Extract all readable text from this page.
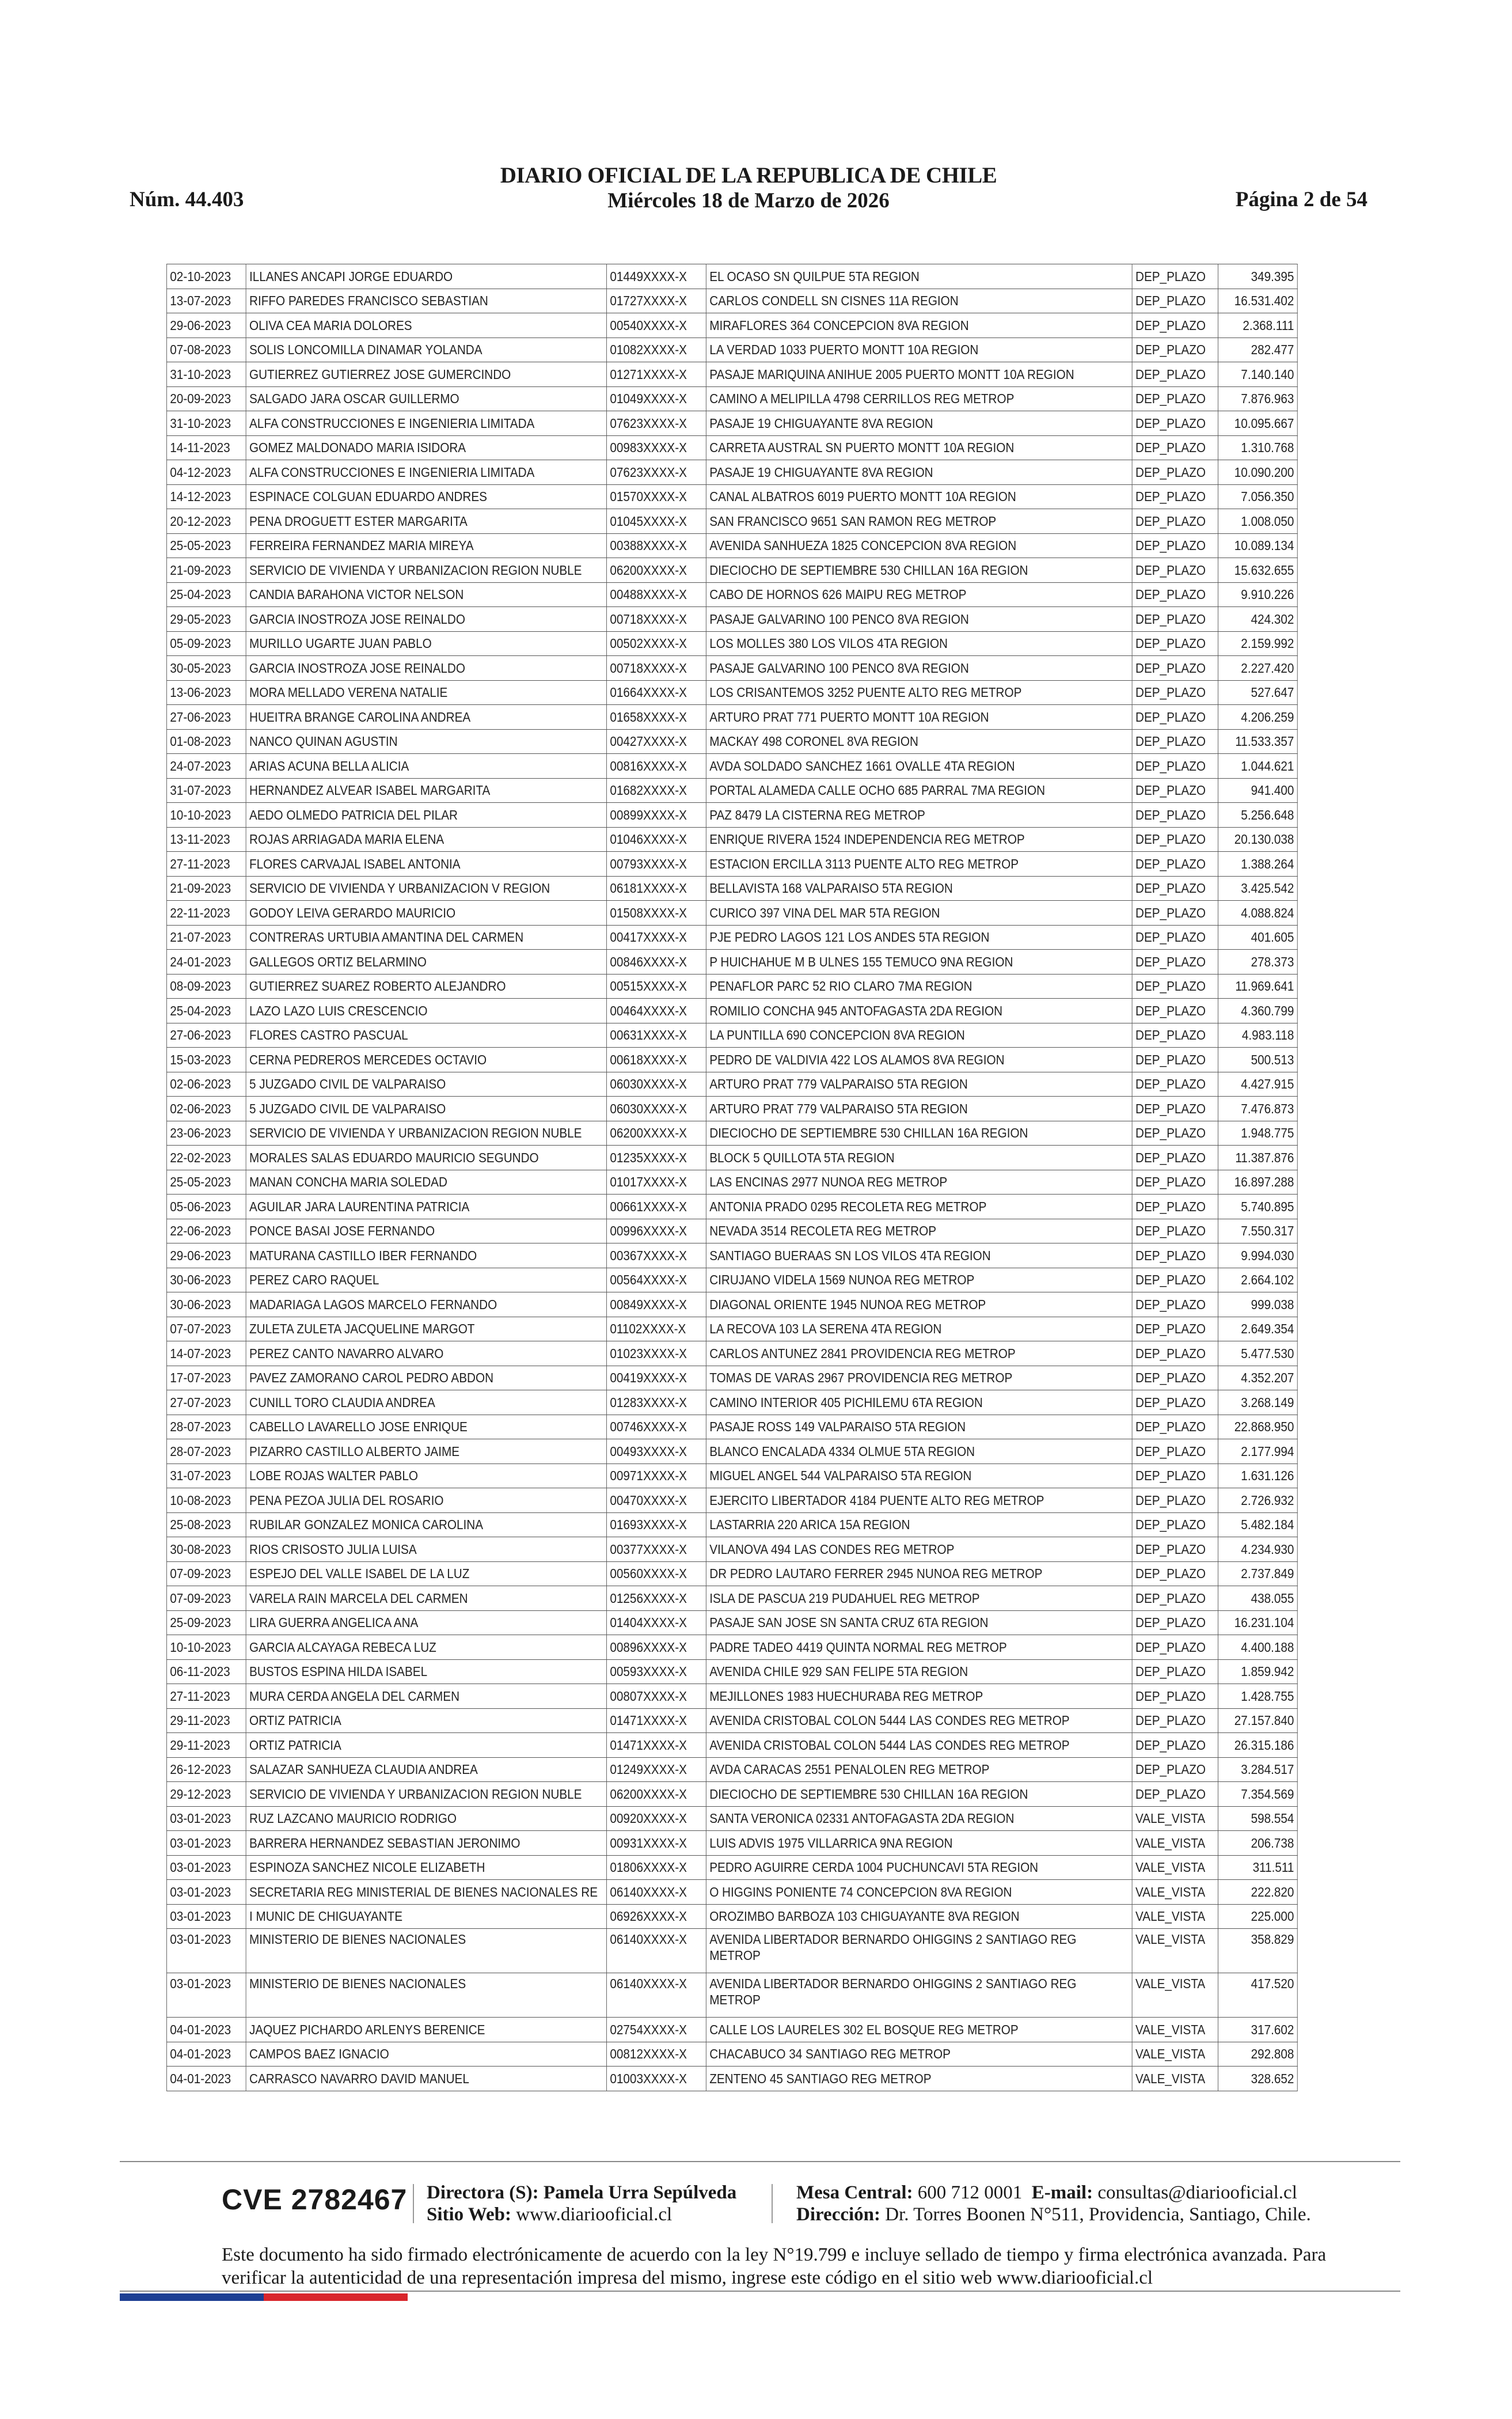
Núm. 44.403
DIARIO OFICIAL DE LA REPUBLICA DE CHILE
Miércoles 18 de Marzo de 2026	Página 2 de 54
02-10-2023	ILLANES ANCAPI JORGE EDUARDO	01449XXXX-X	EL OCASO SN QUILPUE 5TA REGION	DEP_PLAZO	349.395
13-07-2023	RIFFO PAREDES FRANCISCO SEBASTIAN	01727XXXX-X	CARLOS CONDELL SN CISNES 11A REGION	DEP_PLAZO	16.531.402
29-06-2023	OLIVA CEA MARIA DOLORES	00540XXXX-X	MIRAFLORES 364 CONCEPCION 8VA REGION	DEP_PLAZO	2.368.111
07-08-2023	SOLIS LONCOMILLA DINAMAR YOLANDA	01082XXXX-X	LA VERDAD 1033 PUERTO MONTT 10A REGION	DEP_PLAZO	282.477
31-10-2023	GUTIERREZ GUTIERREZ JOSE GUMERCINDO	01271XXXX-X	PASAJE MARIQUINA ANIHUE 2005 PUERTO MONTT 10A REGION	DEP_PLAZO	7.140.140
20-09-2023	SALGADO JARA OSCAR GUILLERMO	01049XXXX-X	CAMINO A MELIPILLA 4798 CERRILLOS REG METROP	DEP_PLAZO	7.876.963
31-10-2023	ALFA CONSTRUCCIONES E INGENIERIA LIMITADA	07623XXXX-X	PASAJE 19 CHIGUAYANTE 8VA REGION	DEP_PLAZO	10.095.667
14-11-2023	GOMEZ MALDONADO MARIA ISIDORA	00983XXXX-X	CARRETA AUSTRAL SN PUERTO MONTT 10A REGION	DEP_PLAZO	1.310.768
04-12-2023	ALFA CONSTRUCCIONES E INGENIERIA LIMITADA	07623XXXX-X	PASAJE 19 CHIGUAYANTE 8VA REGION	DEP_PLAZO	10.090.200
14-12-2023	ESPINACE COLGUAN EDUARDO ANDRES	01570XXXX-X	CANAL ALBATROS 6019 PUERTO MONTT 10A REGION	DEP_PLAZO	7.056.350
20-12-2023	PENA DROGUETT ESTER MARGARITA	01045XXXX-X	SAN FRANCISCO 9651 SAN RAMON REG METROP	DEP_PLAZO	1.008.050
25-05-2023	FERREIRA FERNANDEZ MARIA MIREYA	00388XXXX-X	AVENIDA SANHUEZA 1825 CONCEPCION 8VA REGION	DEP_PLAZO	10.089.134
21-09-2023	SERVICIO DE VIVIENDA Y URBANIZACION REGION NUBLE	06200XXXX-X	DIECIOCHO DE SEPTIEMBRE 530 CHILLAN 16A REGION	DEP_PLAZO	15.632.655
25-04-2023	CANDIA BARAHONA VICTOR NELSON	00488XXXX-X	CABO DE HORNOS 626 MAIPU REG METROP	DEP_PLAZO	9.910.226
29-05-2023	GARCIA INOSTROZA JOSE REINALDO	00718XXXX-X	PASAJE GALVARINO 100 PENCO 8VA REGION	DEP_PLAZO	424.302
05-09-2023	MURILLO UGARTE JUAN PABLO	00502XXXX-X	LOS MOLLES 380 LOS VILOS 4TA REGION	DEP_PLAZO	2.159.992
30-05-2023	GARCIA INOSTROZA JOSE REINALDO	00718XXXX-X	PASAJE GALVARINO 100 PENCO 8VA REGION	DEP_PLAZO	2.227.420
13-06-2023	MORA MELLADO VERENA NATALIE	01664XXXX-X	LOS CRISANTEMOS 3252 PUENTE ALTO REG METROP	DEP_PLAZO	527.647
27-06-2023	HUEITRA BRANGE CAROLINA ANDREA	01658XXXX-X	ARTURO PRAT 771 PUERTO MONTT 10A REGION	DEP_PLAZO	4.206.259
01-08-2023	NANCO QUINAN AGUSTIN	00427XXXX-X	MACKAY 498 CORONEL 8VA REGION	DEP_PLAZO	11.533.357
24-07-2023	ARIAS ACUNA BELLA ALICIA	00816XXXX-X	AVDA SOLDADO SANCHEZ 1661 OVALLE 4TA REGION	DEP_PLAZO	1.044.621
31-07-2023	HERNANDEZ ALVEAR ISABEL MARGARITA	01682XXXX-X	PORTAL ALAMEDA CALLE OCHO 685 PARRAL 7MA REGION	DEP_PLAZO	941.400
10-10-2023	AEDO OLMEDO PATRICIA DEL PILAR	00899XXXX-X	PAZ 8479 LA CISTERNA REG METROP	DEP_PLAZO	5.256.648
13-11-2023	ROJAS ARRIAGADA MARIA ELENA	01046XXXX-X	ENRIQUE RIVERA 1524 INDEPENDENCIA REG METROP	DEP_PLAZO	20.130.038
27-11-2023	FLORES CARVAJAL ISABEL ANTONIA	00793XXXX-X	ESTACION ERCILLA 3113 PUENTE ALTO REG METROP	DEP_PLAZO	1.388.264
21-09-2023	SERVICIO DE VIVIENDA Y URBANIZACION V REGION	06181XXXX-X	BELLAVISTA 168 VALPARAISO 5TA REGION	DEP_PLAZO	3.425.542
22-11-2023	GODOY LEIVA GERARDO MAURICIO	01508XXXX-X	CURICO 397 VINA DEL MAR 5TA REGION	DEP_PLAZO	4.088.824
21-07-2023	CONTRERAS URTUBIA AMANTINA DEL CARMEN	00417XXXX-X	PJE PEDRO LAGOS 121 LOS ANDES 5TA REGION	DEP_PLAZO	401.605
24-01-2023	GALLEGOS ORTIZ BELARMINO	00846XXXX-X	P HUICHAHUE M B ULNES 155 TEMUCO 9NA REGION	DEP_PLAZO	278.373
08-09-2023	GUTIERREZ SUAREZ ROBERTO ALEJANDRO	00515XXXX-X	PENAFLOR PARC 52 RIO CLARO 7MA REGION	DEP_PLAZO	11.969.641
25-04-2023	LAZO LAZO LUIS CRESCENCIO	00464XXXX-X	ROMILIO CONCHA 945 ANTOFAGASTA 2DA REGION	DEP_PLAZO	4.360.799
27-06-2023	FLORES CASTRO PASCUAL	00631XXXX-X	LA PUNTILLA 690 CONCEPCION 8VA REGION	DEP_PLAZO	4.983.118
15-03-2023	CERNA PEDREROS MERCEDES OCTAVIO	00618XXXX-X	PEDRO DE VALDIVIA 422 LOS ALAMOS 8VA REGION	DEP_PLAZO	500.513
02-06-2023	5 JUZGADO CIVIL DE VALPARAISO	06030XXXX-X	ARTURO PRAT 779 VALPARAISO 5TA REGION	DEP_PLAZO	4.427.915
02-06-2023	5 JUZGADO CIVIL DE VALPARAISO	06030XXXX-X	ARTURO PRAT 779 VALPARAISO 5TA REGION	DEP_PLAZO	7.476.873
23-06-2023	SERVICIO DE VIVIENDA Y URBANIZACION REGION NUBLE	06200XXXX-X	DIECIOCHO DE SEPTIEMBRE 530 CHILLAN 16A REGION	DEP_PLAZO	1.948.775
22-02-2023	MORALES SALAS EDUARDO MAURICIO SEGUNDO	01235XXXX-X	BLOCK 5 QUILLOTA 5TA REGION	DEP_PLAZO	11.387.876
25-05-2023	MANAN CONCHA MARIA SOLEDAD	01017XXXX-X	LAS ENCINAS 2977 NUNOA REG METROP	DEP_PLAZO	16.897.288
05-06-2023	AGUILAR JARA LAURENTINA PATRICIA	00661XXXX-X	ANTONIA PRADO 0295 RECOLETA REG METROP	DEP_PLAZO	5.740.895
22-06-2023	PONCE BASAI JOSE FERNANDO	00996XXXX-X	NEVADA 3514 RECOLETA REG METROP	DEP_PLAZO	7.550.317
29-06-2023	MATURANA CASTILLO IBER FERNANDO	00367XXXX-X	SANTIAGO BUERAAS SN LOS VILOS 4TA REGION	DEP_PLAZO	9.994.030
30-06-2023	PEREZ CARO RAQUEL	00564XXXX-X	CIRUJANO VIDELA 1569 NUNOA REG METROP	DEP_PLAZO	2.664.102
30-06-2023	MADARIAGA LAGOS MARCELO FERNANDO	00849XXXX-X	DIAGONAL ORIENTE 1945 NUNOA REG METROP	DEP_PLAZO	999.038
07-07-2023	ZULETA ZULETA JACQUELINE MARGOT	01102XXXX-X	LA RECOVA 103 LA SERENA 4TA REGION	DEP_PLAZO	2.649.354
14-07-2023	PEREZ CANTO NAVARRO ALVARO	01023XXXX-X	CARLOS ANTUNEZ 2841 PROVIDENCIA REG METROP	DEP_PLAZO	5.477.530
17-07-2023	PAVEZ ZAMORANO CAROL PEDRO ABDON	00419XXXX-X	TOMAS DE VARAS 2967 PROVIDENCIA REG METROP	DEP_PLAZO	4.352.207
27-07-2023	CUNILL TORO CLAUDIA ANDREA	01283XXXX-X	CAMINO INTERIOR 405 PICHILEMU 6TA REGION	DEP_PLAZO	3.268.149
28-07-2023	CABELLO LAVARELLO JOSE ENRIQUE	00746XXXX-X	PASAJE ROSS 149 VALPARAISO 5TA REGION	DEP_PLAZO	22.868.950
28-07-2023	PIZARRO CASTILLO ALBERTO JAIME	00493XXXX-X	BLANCO ENCALADA 4334 OLMUE 5TA REGION	DEP_PLAZO	2.177.994
31-07-2023	LOBE ROJAS WALTER PABLO	00971XXXX-X	MIGUEL ANGEL 544 VALPARAISO 5TA REGION	DEP_PLAZO	1.631.126
10-08-2023	PENA PEZOA JULIA DEL ROSARIO	00470XXXX-X	EJERCITO LIBERTADOR 4184 PUENTE ALTO REG METROP	DEP_PLAZO	2.726.932
25-08-2023	RUBILAR GONZALEZ MONICA CAROLINA	01693XXXX-X	LASTARRIA 220 ARICA 15A REGION	DEP_PLAZO	5.482.184
30-08-2023	RIOS CRISOSTO JULIA LUISA	00377XXXX-X	VILANOVA 494 LAS CONDES REG METROP	DEP_PLAZO	4.234.930
07-09-2023	ESPEJO DEL VALLE ISABEL DE LA LUZ	00560XXXX-X	DR PEDRO LAUTARO FERRER 2945 NUNOA REG METROP	DEP_PLAZO	2.737.849
07-09-2023	VARELA RAIN MARCELA DEL CARMEN	01256XXXX-X	ISLA DE PASCUA 219 PUDAHUEL REG METROP	DEP_PLAZO	438.055
25-09-2023	LIRA GUERRA ANGELICA ANA	01404XXXX-X	PASAJE SAN JOSE SN SANTA CRUZ 6TA REGION	DEP_PLAZO	16.231.104
10-10-2023	GARCIA ALCAYAGA REBECA LUZ	00896XXXX-X	PADRE TADEO 4419 QUINTA NORMAL REG METROP	DEP_PLAZO	4.400.188
06-11-2023	BUSTOS ESPINA HILDA ISABEL	00593XXXX-X	AVENIDA CHILE 929 SAN FELIPE 5TA REGION	DEP_PLAZO	1.859.942
27-11-2023	MURA CERDA ANGELA DEL CARMEN	00807XXXX-X	MEJILLONES 1983 HUECHURABA REG METROP	DEP_PLAZO	1.428.755
29-11-2023	ORTIZ PATRICIA	01471XXXX-X	AVENIDA CRISTOBAL COLON 5444 LAS CONDES REG METROP	DEP_PLAZO	27.157.840
29-11-2023	ORTIZ PATRICIA	01471XXXX-X	AVENIDA CRISTOBAL COLON 5444 LAS CONDES REG METROP	DEP_PLAZO	26.315.186
26-12-2023	SALAZAR SANHUEZA CLAUDIA ANDREA	01249XXXX-X	AVDA CARACAS 2551 PENALOLEN REG METROP	DEP_PLAZO	3.284.517
29-12-2023	SERVICIO DE VIVIENDA Y URBANIZACION REGION NUBLE	06200XXXX-X	DIECIOCHO DE SEPTIEMBRE 530 CHILLAN 16A REGION	DEP_PLAZO	7.354.569
03-01-2023	RUZ LAZCANO MAURICIO RODRIGO	00920XXXX-X	SANTA VERONICA 02331 ANTOFAGASTA 2DA REGION	VALE_VISTA	598.554
03-01-2023	BARRERA HERNANDEZ SEBASTIAN JERONIMO	00931XXXX-X	LUIS ADVIS 1975 VILLARRICA 9NA REGION	VALE_VISTA	206.738
03-01-2023	ESPINOZA SANCHEZ NICOLE ELIZABETH	01806XXXX-X	PEDRO AGUIRRE CERDA 1004 PUCHUNCAVI 5TA REGION	VALE_VISTA	311.511
03-01-2023	SECRETARIA REG MINISTERIAL DE BIENES NACIONALES RE	06140XXXX-X	O HIGGINS PONIENTE 74 CONCEPCION 8VA REGION	VALE_VISTA	222.820
03-01-2023	I MUNIC DE CHIGUAYANTE	06926XXXX-X	OROZIMBO BARBOZA 103 CHIGUAYANTE 8VA REGION	VALE_VISTA	225.000
03-01-2023	MINISTERIO DE BIENES NACIONALES	06140XXXX-X	AVENIDA LIBERTADOR BERNARDO OHIGGINS 2 SANTIAGO REG METROP	VALE_VISTA	358.829
03-01-2023	MINISTERIO DE BIENES NACIONALES	06140XXXX-X	AVENIDA LIBERTADOR BERNARDO OHIGGINS 2 SANTIAGO REG METROP	VALE_VISTA	417.520
04-01-2023	JAQUEZ PICHARDO ARLENYS BERENICE	02754XXXX-X	CALLE LOS LAURELES 302 EL BOSQUE REG METROP	VALE_VISTA	317.602
04-01-2023	CAMPOS BAEZ IGNACIO	00812XXXX-X	CHACABUCO 34 SANTIAGO REG METROP	VALE_VISTA	292.808
04-01-2023	CARRASCO NAVARRO DAVID MANUEL	01003XXXX-X	ZENTENO 45 SANTIAGO REG METROP	VALE_VISTA	328.652
CVE 2782467 Directora (S): Pamela Urra Sepúlveda
Sitio Web: www.diariooficial.cl
Mesa Central: 600 712 0001 E-mail: consultas@diariooficial.cl
Dirección: Dr. Torres Boonen N°511, Providencia, Santiago, Chile.
Este documento ha sido firmado electrónicamente de acuerdo con la ley N°19.799 e incluye sellado de tiempo y firma electrónica avanzada. Para verificar la autenticidad de una representación impresa del mismo, ingrese este código en el sitio web www.diariooficial.cl
